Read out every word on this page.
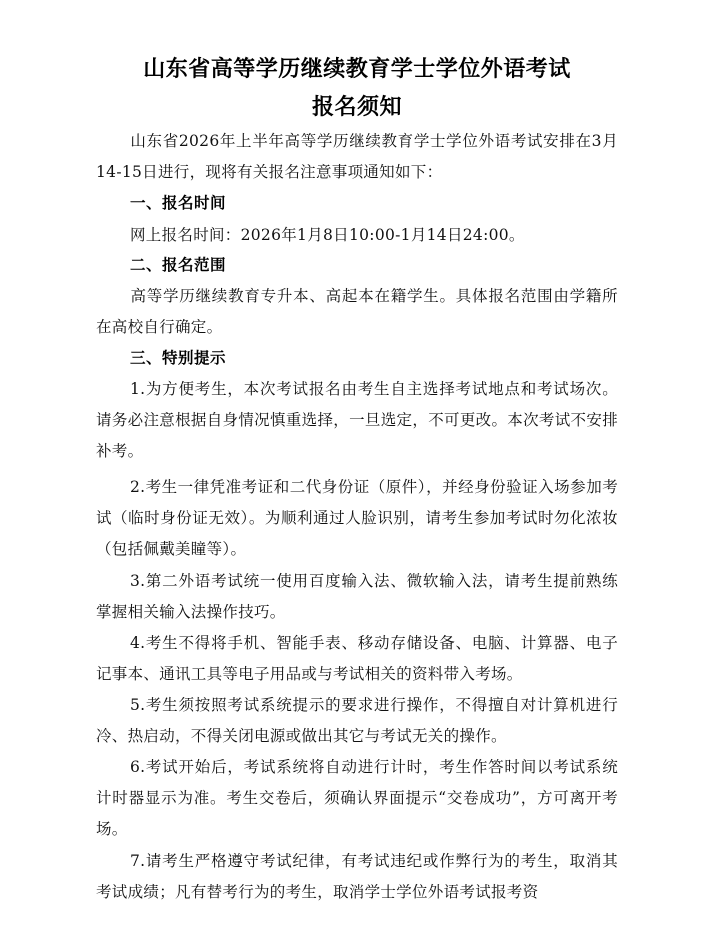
山东省高等学历继续教育学士学位外语考试
报名须知
山东省2026年上半年高等学历继续教育学士学位外语考试安排在3月14-15日进行，现将有关报名注意事项通知如下：
一、报名时间
网上报名时间：2026年1月8日10:00-1月14日24:00。
二、报名范围
高等学历继续教育专升本、高起本在籍学生。具体报名范围由学籍所在高校自行确定。
三、特别提示
1.为方便考生，本次考试报名由考生自主选择考试地点和考试场次。请务必注意根据自身情况慎重选择，一旦选定，不可更改。本次考试不安排补考。
2.考生一律凭准考证和二代身份证（原件），并经身份验证入场参加考试（临时身份证无效）。为顺利通过人脸识别，请考生参加考试时勿化浓妆（包括佩戴美瞳等）。
3.第二外语考试统一使用百度输入法、微软输入法，请考生提前熟练掌握相关输入法操作技巧。
4.考生不得将手机、智能手表、移动存储设备、电脑、计算器、电子记事本、通讯工具等电子用品或与考试相关的资料带入考场。
5.考生须按照考试系统提示的要求进行操作，不得擅自对计算机进行冷、热启动，不得关闭电源或做出其它与考试无关的操作。
6.考试开始后，考试系统将自动进行计时，考生作答时间以考试系统计时器显示为准。考生交卷后，须确认界面提示“交卷成功”，方可离开考场。
7.请考生严格遵守考试纪律，有考试违纪或作弊行为的考生，取消其考试成绩；凡有替考行为的考生，取消学士学位外语考试报考资
